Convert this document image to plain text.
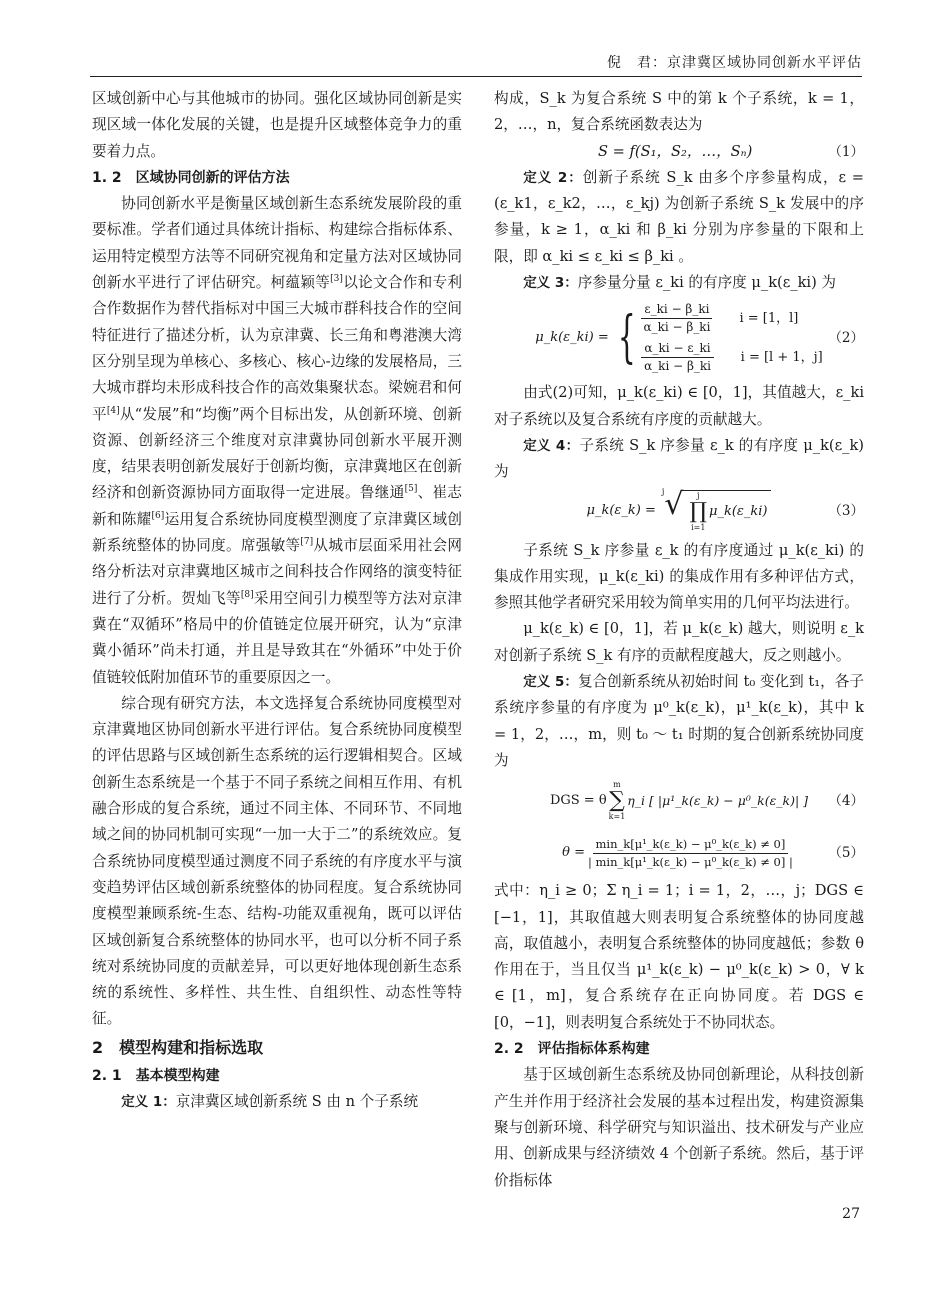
倪　君：京津冀区域协同创新水平评估

区域创新中心与其他城市的协同。强化区域协同创新是实现区域一体化发展的关键，也是提升区域整体竞争力的重要着力点。

1. 2　区域协同创新的评估方法

协同创新水平是衡量区域创新生态系统发展阶段的重要标准。学者们通过具体统计指标、构建综合指标体系、运用特定模型方法等不同研究视角和定量方法对区域协同创新水平进行了评估研究。柯蕴颖等[3]以论文合作和专利合作数据作为替代指标对中国三大城市群科技合作的空间特征进行了描述分析，认为京津冀、长三角和粤港澳大湾区分别呈现为单核心、多核心、核心-边缘的发展格局，三大城市群均未形成科技合作的高效集聚状态。梁婉君和何平[4]从“发展”和“均衡”两个目标出发，从创新环境、创新资源、创新经济三个维度对京津冀协同创新水平展开测度，结果表明创新发展好于创新均衡，京津冀地区在创新经济和创新资源协同方面取得一定进展。鲁继通[5]、崔志新和陈耀[6]运用复合系统协同度模型测度了京津冀区域创新系统整体的协同度。席强敏等[7]从城市层面采用社会网络分析法对京津冀地区城市之间科技合作网络的演变特征进行了分析。贺灿飞等[8]采用空间引力模型等方法对京津冀在“双循环”格局中的价值链定位展开研究，认为“京津冀小循环”尚未打通，并且是导致其在“外循环”中处于价值链较低附加值环节的重要原因之一。

综合现有研究方法，本文选择复合系统协同度模型对京津冀地区协同创新水平进行评估。复合系统协同度模型的评估思路与区域创新生态系统的运行逻辑相契合。区域创新生态系统是一个基于不同子系统之间相互作用、有机融合形成的复合系统，通过不同主体、不同环节、不同地域之间的协同机制可实现“一加一大于二”的系统效应。复合系统协同度模型通过测度不同子系统的有序度水平与演变趋势评估区域创新系统整体的协同程度。复合系统协同度模型兼顾系统-生态、结构-功能双重视角，既可以评估区域创新复合系统整体的协同水平，也可以分析不同子系统对系统协同度的贡献差异，可以更好地体现创新生态系统的系统性、多样性、共生性、自组织性、动态性等特征。

2　模型构建和指标选取

2. 1　基本模型构建

定义 1：京津冀区域创新系统 S 由 n 个子系统

构成，S_k 为复合系统 S 中的第 k 个子系统，k = 1，2，…，n，复合系统函数表达为

S = f(S₁，S₂，…，Sₙ)	（1）

定义 2：创新子系统 S_k 由多个序参量构成，ε = (ε_k1，ε_k2，…，ε_kj) 为创新子系统 S_k 发展中的序参量，k ≥ 1，α_ki 和 β_ki 分别为序参量的下限和上限，即 α_ki ≤ ε_ki ≤ β_ki 。

定义 3：序参量分量 ε_ki 的有序度 μ_k(ε_ki) 为

μ_k(ε_ki) = { $\frac{\varepsilon\_ki - \beta\_ki}{\alpha\_ki - \beta\_ki}$	i = [1，l]
$\frac{\alpha\_ki - \varepsilon\_ki}{\alpha\_ki - \beta\_ki}$	i = [l + 1，j]
（2）

由式(2)可知，μ_k(ε_ki) ∈ [0，1]，其值越大，ε_ki 对子系统以及复合系统有序度的贡献越大。

定义 4：子系统 S_k 序参量 ε_k 的有序度 μ_k(ε_k) 为

μ_k(ε_k) =
j √ j
∏
i=1
μ_k(ε_ki)	（3）

子系统 S_k 序参量 ε_k 的有序度通过 μ_k(ε_ki) 的集成作用实现，μ_k(ε_ki) 的集成作用有多种评估方式，参照其他学者研究采用较为简单实用的几何平均法进行。

μ_k(ε_k) ∈ [0，1]，若 μ_k(ε_k) 越大，则说明 ε_k 对创新子系统 S_k 有序的贡献程度越大，反之则越小。

定义 5：复合创新系统从初始时间 t₀ 变化到 t₁，各子系统序参量的有序度为 μ⁰_k(ε_k)，μ¹_k(ε_k)，其中 k = 1，2，…，m，则 t₀ ～ t₁ 时期的复合创新系统协同度为

DGS = θ
m
∑
k=1
η_i [ |μ¹_k(ε_k) − μ⁰_k(ε_k)| ] （4）
$\theta = \frac{\text{min\_k[μ¹\_k(ε\_k) − μ⁰\_k(ε\_k) ≠ 0]}}{\text{| min\_k[μ¹\_k(ε\_k) − μ⁰\_k(ε\_k) ≠ 0] |}}$	（5）

式中：η_i ≥ 0；Σ η_i = 1；i = 1，2，…，j；DGS ∈ [−1，1]，其取值越大则表明复合系统整体的协同度越高，取值越小，表明复合系统整体的协同度越低；参数 θ 作用在于，当且仅当 μ¹_k(ε_k) − μ⁰_k(ε_k) > 0，∀ k ∈ [1，m]，复合系统存在正向协同度。若 DGS ∈ [0，−1]，则表明复合系统处于不协同状态。

2. 2　评估指标体系构建

基于区域创新生态系统及协同创新理论，从科技创新产生并作用于经济社会发展的基本过程出发，构建资源集聚与创新环境、科学研究与知识溢出、技术研发与产业应用、创新成果与经济绩效 4 个创新子系统。然后，基于评价指标体

27
